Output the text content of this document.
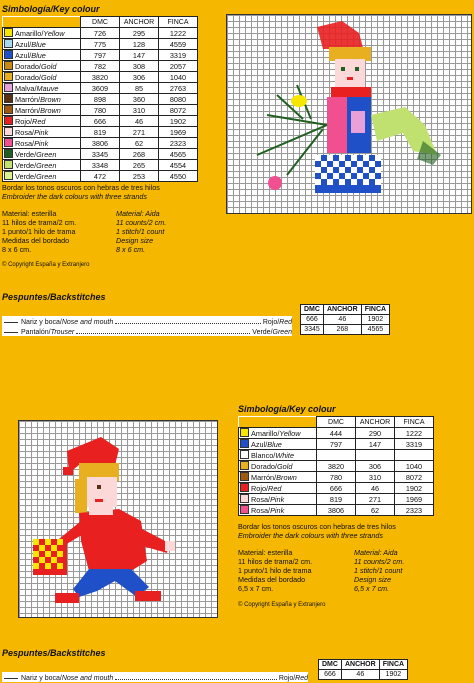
Simbología/Key colour
	DMC	ANCHOR	FINCA
Amarillo/Yellow	726	295	1222
Azul/Blue	775	128	4559
Azul/Blue	797	147	3319
Dorado/Gold	782	308	2057
Dorado/Gold	3820	306	1040
Malva/Mauve	3609	85	2763
Marrón/Brown	898	360	8080
Marrón/Brown	780	310	8072
Rojo/Red	666	46	1902
Rosa/Pink	819	271	1969
Rosa/Pink	3806	62	2323
Verde/Green	3345	268	4565
Verde/Green	3348	265	4554
Verde/Green	472	253	4550
Bordar los tonos oscuros con hebras de tres hilos
Embroider the dark colours with three strands
Material: esterilla
11 hilos de trama/2 cm.
1 punto/1 hilo de trama
Medidas del bordado
8 x 6 cm.
Material: Aida
11 counts/2 cm.
1 stitch/1 count
Design size
8 x 6 cm.
© Copyright España y Extranjero
Pespuntes/Backstitches
Nariz y boca/ Nose and mouth	Rojo/ Red
Pantalón/ Trouser	Verde/ Green
DMC	ANCHOR	FINCA
666	46	1902
3345	268	4565
Simbología/Key colour
	DMC	ANCHOR	FINCA
Amarillo/Yellow	444	290	1222
Azul/Blue	797	147	3319
Blanco/White			
Dorado/Gold	3820	306	1040
Marrón/Brown	780	310	8072
Rojo/Red	666	46	1902
Rosa/Pink	819	271	1969
Rosa/Pink	3806	62	2323
Bordar los tonos oscuros con hebras de tres hilos
Embroider the dark colours with three strands
Material: esterilla
11 hilos de trama/2 cm.
1 punto/1 hilo de trama
Medidas del bordado
6,5 x 7 cm.
Material: Aida
11 counts/2 cm.
1 stitch/1 count
Design size
6,5 x 7 cm.
© Copyright España y Extranjero
Pespuntes/Backstitches
Nariz y boca/ Nose and mouth	Rojo/ Red
DMC	ANCHOR	FINCA
666	46	1902
